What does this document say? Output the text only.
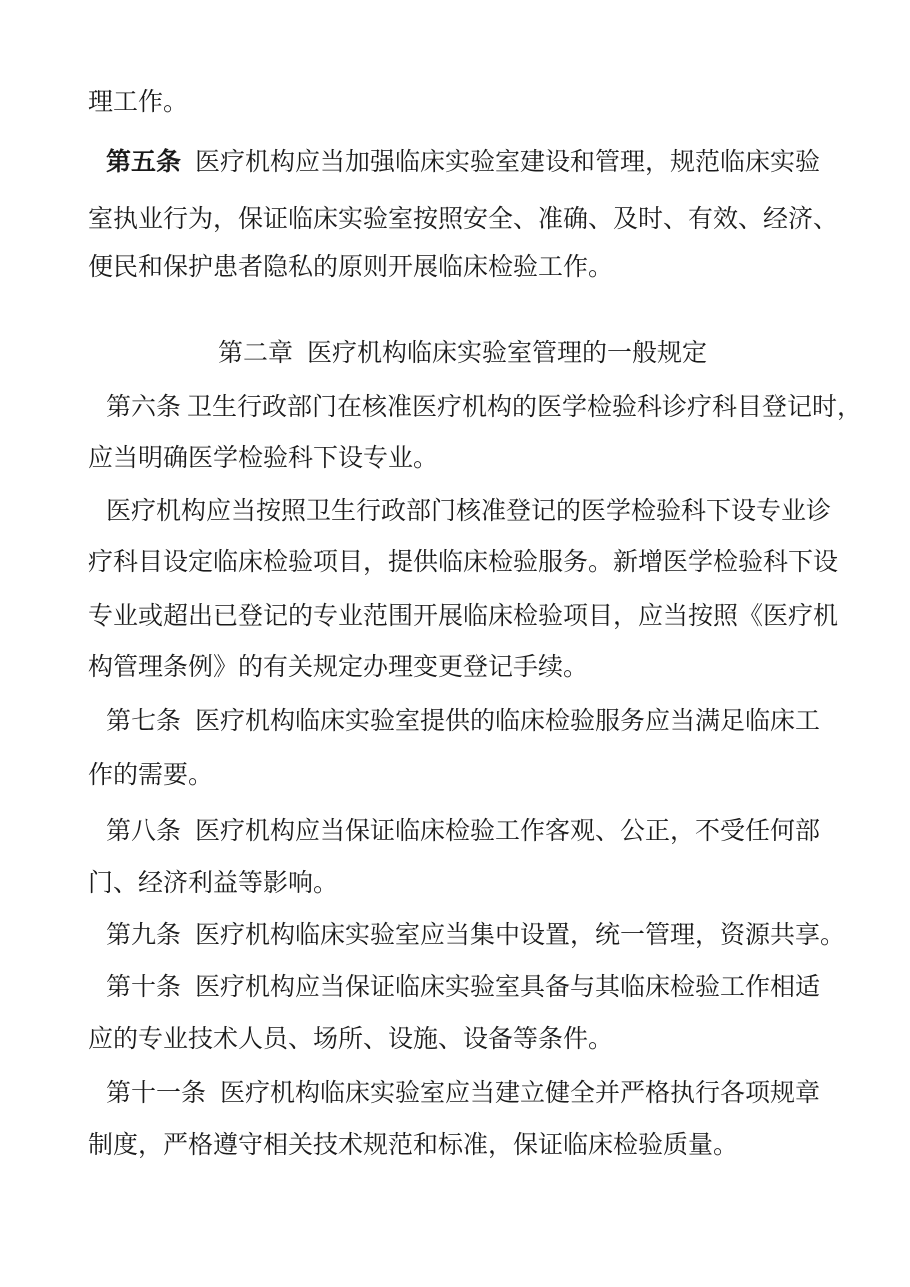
理工作。
第五条 医疗机构应当加强临床实验室建设和管理，规范临床实验
室执业行为，保证临床实验室按照安全、准确、及时、有效、经济、
便民和保护患者隐私的原则开展临床检验工作。
第二章 医疗机构临床实验室管理的一般规定
第六条 卫生行政部门在核准医疗机构的医学检验科诊疗科目登记时，
应当明确医学检验科下设专业。
医疗机构应当按照卫生行政部门核准登记的医学检验科下设专业诊
疗科目设定临床检验项目，提供临床检验服务。新增医学检验科下设
专业或超出已登记的专业范围开展临床检验项目，应当按照《医疗机
构管理条例》的有关规定办理变更登记手续。
第七条 医疗机构临床实验室提供的临床检验服务应当满足临床工
作的需要。
第八条 医疗机构应当保证临床检验工作客观、公正，不受任何部
门、经济利益等影响。
第九条 医疗机构临床实验室应当集中设置，统一管理，资源共享。
第十条 医疗机构应当保证临床实验室具备与其临床检验工作相适
应的专业技术人员、场所、设施、设备等条件。
第十一条 医疗机构临床实验室应当建立健全并严格执行各项规章
制度，严格遵守相关技术规范和标准，保证临床检验质量。
